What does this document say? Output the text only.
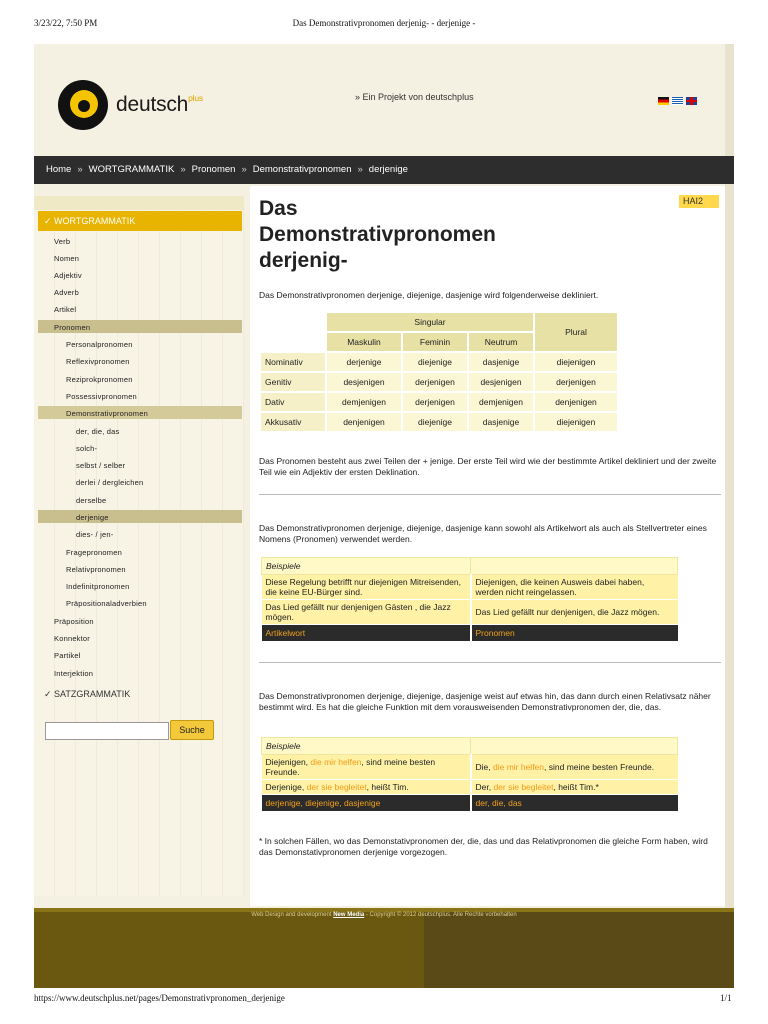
3/23/22, 7:50 PM	Das Demonstrativpronomen derjenig- - derjenige -
deutsch plus	» Ein Projekt von deutschplus
Home » WORTGRAMMATIK » Pronomen » Demonstrativpronomen » derjenige
✓ WORTGRAMMATIK
Verb
Nomen
Adjektiv
Adverb
Artikel
Pronomen
Personalpronomen
Reflexivpronomen
Reziprokpronomen
Possessivpronomen
Demonstrativpronomen
der, die, das
solch-
selbst / selber
derlei / dergleichen
derselbe
derjenige
dies- / jen-
Fragepronomen
Relativpronomen
Indefinitpronomen
Präpositionaladverbien
Präposition
Konnektor
Partikel
Interjektion
✓ SATZGRAMMATIK
Suche
Das
Demonstrativpronomen
derjenig-
HAI2
Das Demonstrativpronomen derjenige, diejenige, dasjenige wird folgenderweise dekliniert.
	Singular			Plural
	Maskulin	Feminin	Neutrum	
Nominativ	derjenige	diejenige	dasjenige	diejenigen
Genitiv	desjenigen	derjenigen	desjenigen	derjenigen
Dativ	demjenigen	derjenigen	demjenigen	denjenigen
Akkusativ	denjenigen	diejenige	dasjenige	diejenigen
Das Pronomen besteht aus zwei Teilen der + jenige. Der erste Teil wird wie der bestimmte Artikel dekliniert und der zweite Teil wie ein Adjektiv der ersten Deklination.
Das Demonstrativpronomen derjenige, diejenige, dasjenige kann sowohl als Artikelwort als auch als Stellvertreter eines Nomens (Pronomen) verwendet werden.
Beispiele	
Diese Regelung betrifft nur diejenigen Mitreisenden, die keine EU-Bürger sind.	Diejenigen, die keinen Ausweis dabei haben, werden nicht reingelassen.
Das Lied gefällt nur denjenigen Gästen , die Jazz mögen.	Das Lied gefällt nur denjenigen, die Jazz mögen.
Artikelwort	Pronomen
Das Demonstrativpronomen derjenige, diejenige, dasjenige weist auf etwas hin, das dann durch einen Relativsatz näher bestimmt wird. Es hat die gleiche Funktion mit dem vorausweisenden Demonstrativpronomen der, die, das.
Beispiele	
Diejenigen, die mir helfen, sind meine besten Freunde.	Die, die mir helfen, sind meine besten Freunde.
Derjenige, der sie begleitet, heißt Tim.	Der, der sie begleitet, heißt Tim.*
derjenige, diejenige, dasjenige	der, die, das
* In solchen Fällen, wo das Demonstativpronomen der, die, das und das Relativpronomen die gleiche Form haben, wird das Demonstativpronomen derjenige vorgezogen.
Web Design and development New Media - Copyright © 2012 deutschplus. Alle Rechte vorbehalten
https://www.deutschplus.net/pages/Demonstrativpronomen_derjenige	1/1
